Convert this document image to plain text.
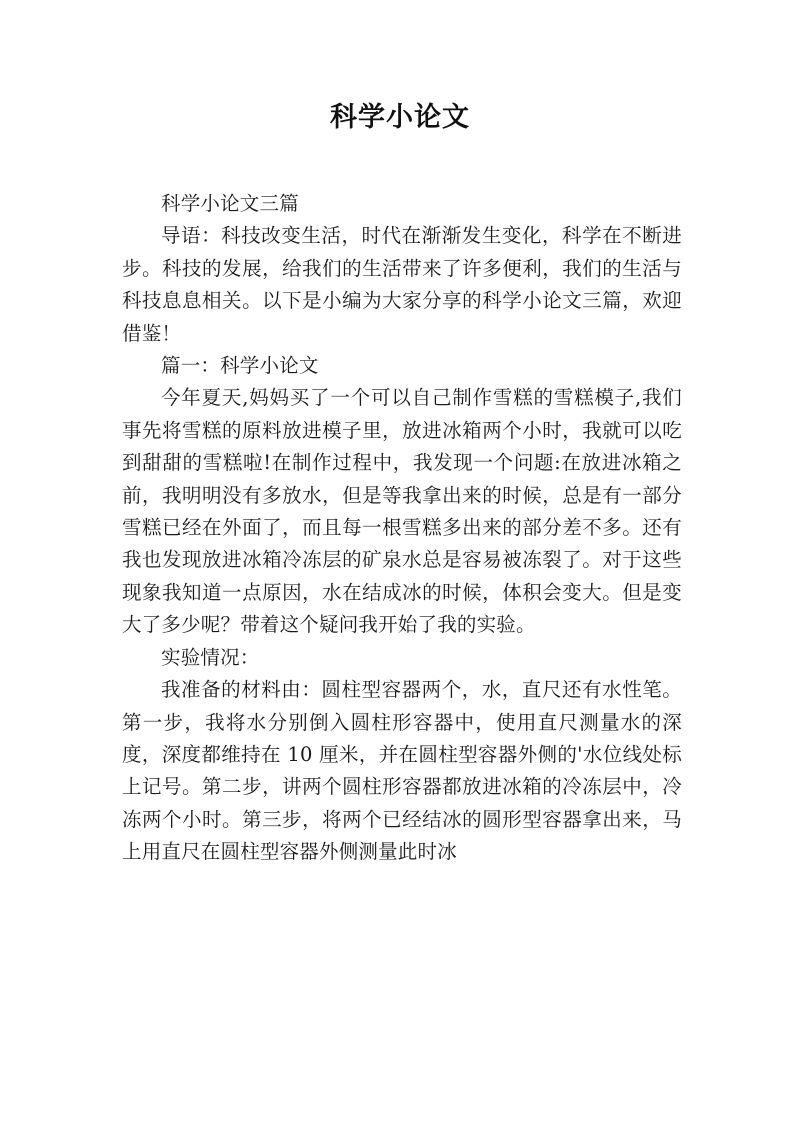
科学小论文

科学小论文三篇

导语：科技改变生活，时代在渐渐发生变化，科学在不断进步。科技的发展，给我们的生活带来了许多便利，我们的生活与科技息息相关。以下是小编为大家分享的科学小论文三篇，欢迎借鉴！

篇一：科学小论文

今年夏天,妈妈买了一个可以自己制作雪糕的雪糕模子,我们事先将雪糕的原料放进模子里，放进冰箱两个小时，我就可以吃到甜甜的雪糕啦!在制作过程中，我发现一个问题:在放进冰箱之前，我明明没有多放水，但是等我拿出来的时候，总是有一部分雪糕已经在外面了，而且每一根雪糕多出来的部分差不多。还有我也发现放进冰箱冷冻层的矿泉水总是容易被冻裂了。对于这些现象我知道一点原因，水在结成冰的时候，体积会变大。但是变大了多少呢？带着这个疑问我开始了我的实验。

实验情况：

我准备的材料由：圆柱型容器两个，水，直尺还有水性笔。第一步，我将水分别倒入圆柱形容器中，使用直尺测量水的深度，深度都维持在 10 厘米，并在圆柱型容器外侧的'水位线处标上记号。第二步，讲两个圆柱形容器都放进冰箱的冷冻层中，冷冻两个小时。第三步，将两个已经结冰的圆形型容器拿出来，马上用直尺在圆柱型容器外侧测量此时冰
